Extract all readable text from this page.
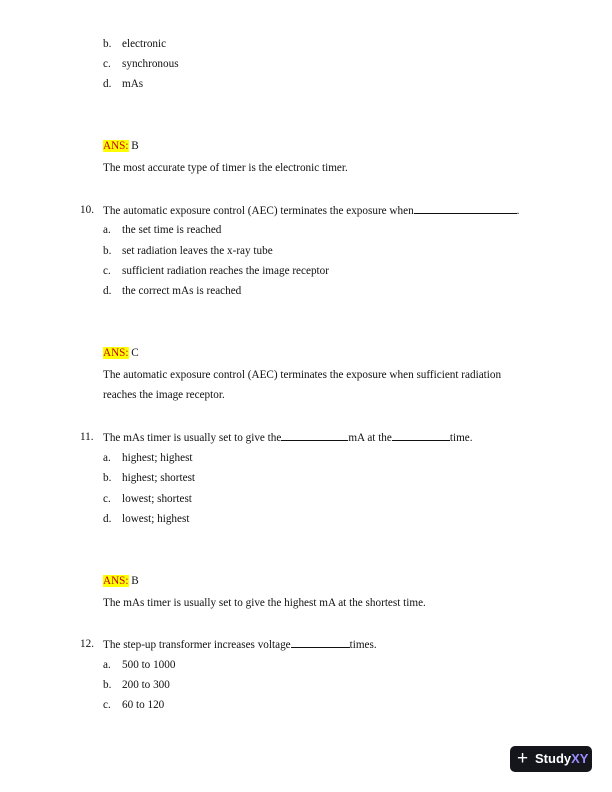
b. electronic
c. synchronous
d. mAs
ANS: B
The most accurate type of timer is the electronic timer.
10. The automatic exposure control (AEC) terminates the exposure when	.
a. the set time is reached
b. set radiation leaves the x-ray tube
c. sufficient radiation reaches the image receptor
d. the correct mAs is reached
ANS: C
The automatic exposure control (AEC) terminates the exposure when sufficient radiation
reaches the image receptor.
11. The mAs timer is usually set to give the	mA at the	time.
a. highest; highest
b. highest; shortest
c. lowest; shortest
d. lowest; highest
ANS: B
The mAs timer is usually set to give the highest mA at the shortest time.
12. The step-up transformer increases voltage	times.
a. 500 to 1000
b. 200 to 300
c. 60 to 120
+ StudyXY
